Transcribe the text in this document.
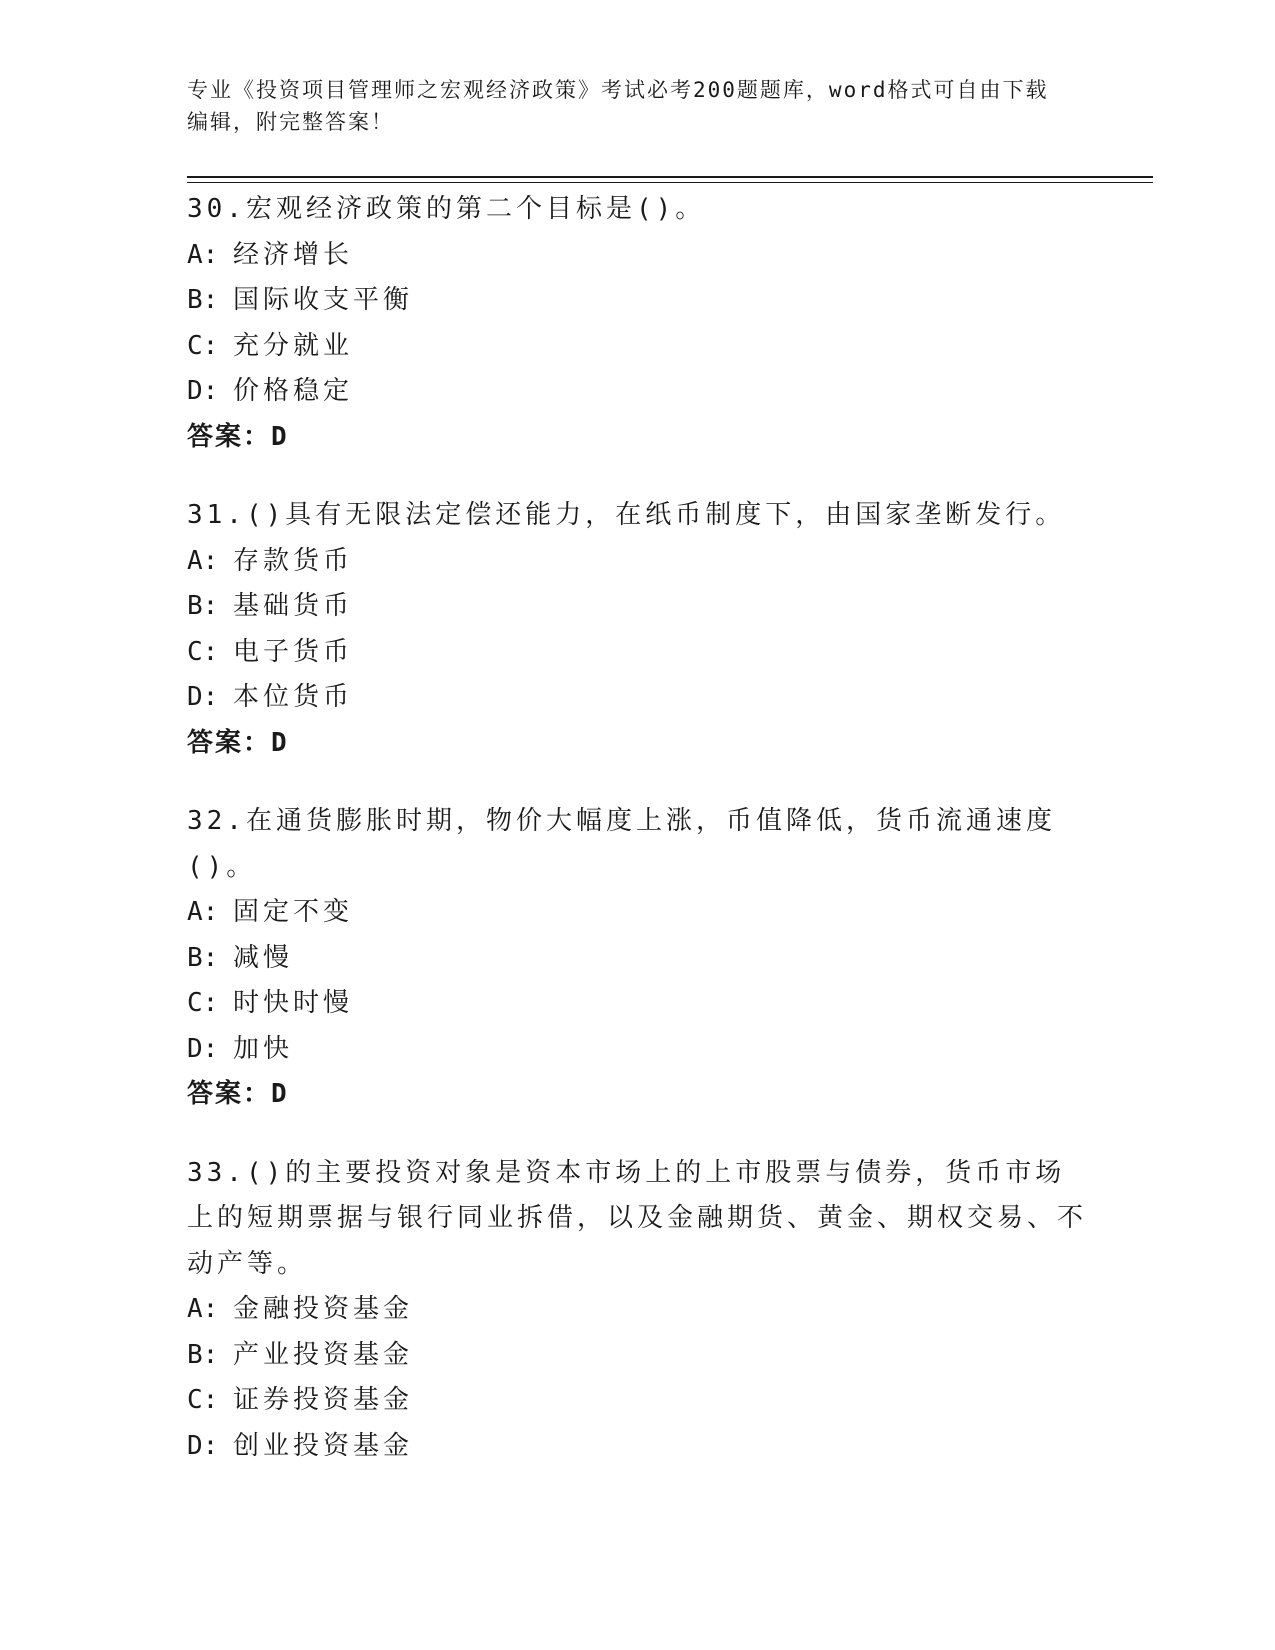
专业《投资项目管理师之宏观经济政策》考试必考200题题库，word格式可自由下载编辑，附完整答案！
30.宏观经济政策的第二个目标是()。
A: 经济增长
B: 国际收支平衡
C: 充分就业
D: 价格稳定
答案：D
31.()具有无限法定偿还能力，在纸币制度下，由国家垄断发行。
A: 存款货币
B: 基础货币
C: 电子货币
D: 本位货币
答案：D
32.在通货膨胀时期，物价大幅度上涨，币值降低，货币流通速度()。
A: 固定不变
B: 减慢
C: 时快时慢
D: 加快
答案：D
33.()的主要投资对象是资本市场上的上市股票与债券，货币市场上的短期票据与银行同业拆借，以及金融期货、黄金、期权交易、不动产等。
A: 金融投资基金
B: 产业投资基金
C: 证券投资基金
D: 创业投资基金
